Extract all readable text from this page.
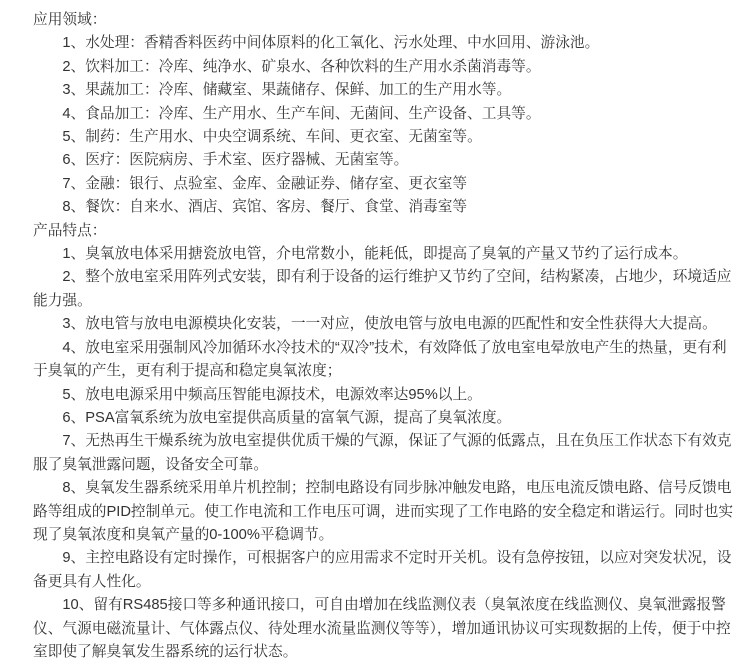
应用领域：

1、水处理：香精香料医药中间体原料的化工氧化、污水处理、中水回用、游泳池。

2、饮料加工：冷库、纯净水、矿泉水、各种饮料的生产用水杀菌消毒等。

3、果蔬加工：冷库、储藏室、果蔬储存、保鲜、加工的生产用水等。

4、食品加工：冷库、生产用水、生产车间、无菌间、生产设备、工具等。

5、制药：生产用水、中央空调系统、车间、更衣室、无菌室等。

6、医疗：医院病房、手术室、医疗器械、无菌室等。

7、金融：银行、点验室、金库、金融证券、储存室、更衣室等

8、餐饮：自来水、酒店、宾馆、客房、餐厅、食堂、消毒室等

产品特点：

1、臭氧放电体采用搪瓷放电管，介电常数小，能耗低，即提高了臭氧的产量又节约了运行成本。

2、整个放电室采用阵列式安装，即有利于设备的运行维护又节约了空间，结构紧凑，占地少，环境适应能力强。

3、放电管与放电电源模块化安装，一一对应，使放电管与放电电源的匹配性和安全性获得大大提高。

4、放电室采用强制风冷加循环水冷技术的“双冷”技术，有效降低了放电室电晕放电产生的热量，更有利于臭氧的产生，更有利于提高和稳定臭氧浓度；

5、放电电源采用中频高压智能电源技术，电源效率达95%以上。

6、PSA富氧系统为放电室提供高质量的富氧气源，提高了臭氧浓度。

7、无热再生干燥系统为放电室提供优质干燥的气源，保证了气源的低露点，且在负压工作状态下有效克服了臭氧泄露问题，设备安全可靠。

8、臭氧发生器系统采用单片机控制；控制电路设有同步脉冲触发电路，电压电流反馈电路、信号反馈电路等组成的PID控制单元。使工作电流和工作电压可调，进而实现了工作电路的安全稳定和谐运行。同时也实现了臭氧浓度和臭氧产量的0-100%平稳调节。

9、主控电路设有定时操作，可根据客户的应用需求不定时开关机。设有急停按钮，以应对突发状况，设备更具有人性化。

10、留有RS485接口等多种通讯接口，可自由增加在线监测仪表（臭氧浓度在线监测仪、臭氧泄露报警仪、气源电磁流量计、气体露点仪、待处理水流量监测仪等等），增加通讯协议可实现数据的上传，便于中控室即使了解臭氧发生器系统的运行状态。
